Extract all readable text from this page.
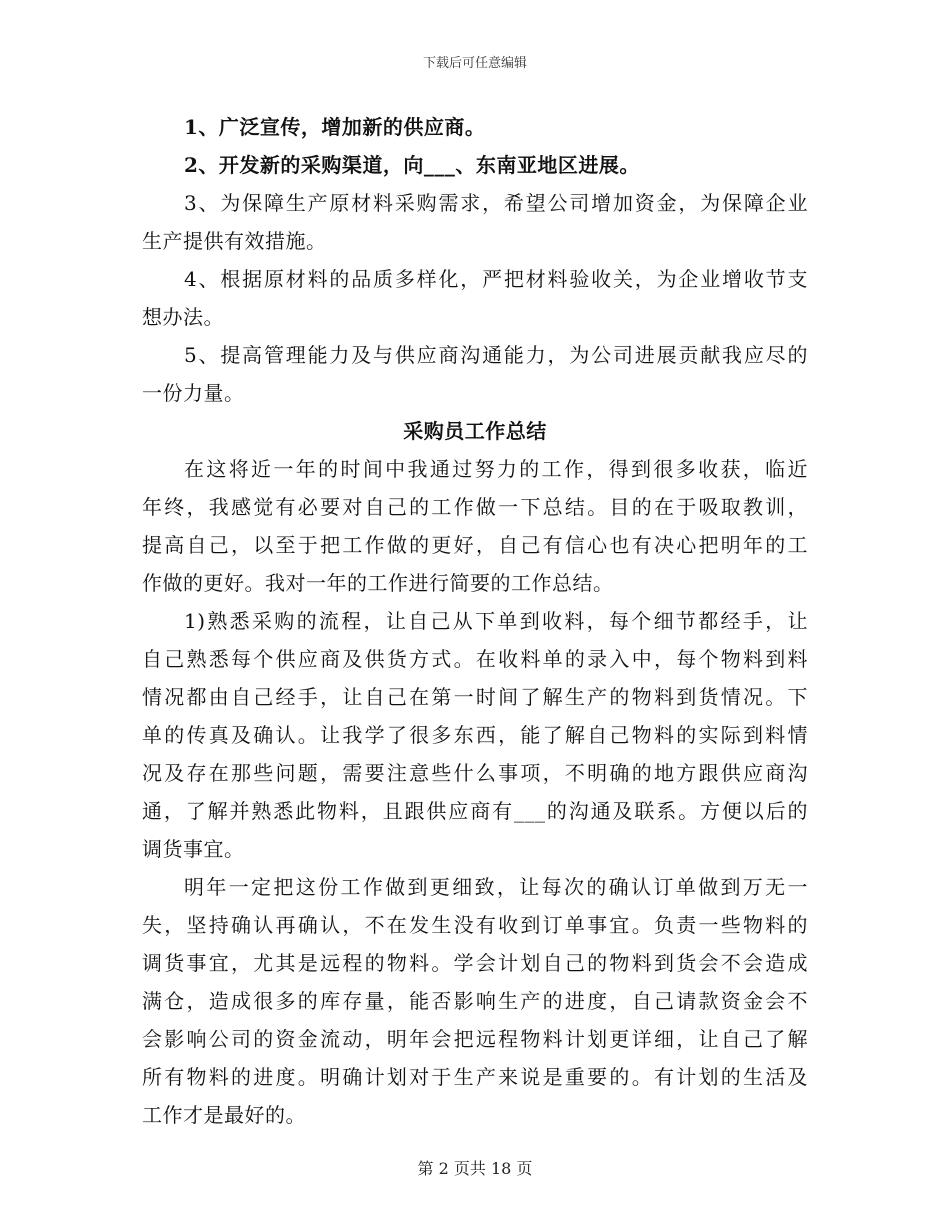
下载后可任意编辑
1、广泛宣传，增加新的供应商。
2、开发新的采购渠道，向___、东南亚地区进展。
3、为保障生产原材料采购需求，希望公司增加资金，为保障企业
生产提供有效措施。
4、根据原材料的品质多样化，严把材料验收关，为企业增收节支
想办法。
5、提高管理能力及与供应商沟通能力，为公司进展贡献我应尽的
一份力量。
采购员工作总结
在这将近一年的时间中我通过努力的工作，得到很多收获，临近
年终，我感觉有必要对自己的工作做一下总结。目的在于吸取教训，
提高自己，以至于把工作做的更好，自己有信心也有决心把明年的工
作做的更好。我对一年的工作进行简要的工作总结。
1)熟悉采购的流程，让自己从下单到收料，每个细节都经手，让
自己熟悉每个供应商及供货方式。在收料单的录入中，每个物料到料
情况都由自己经手，让自己在第一时间了解生产的物料到货情况。下
单的传真及确认。让我学了很多东西，能了解自己物料的实际到料情
况及存在那些问题，需要注意些什么事项，不明确的地方跟供应商沟
通，了解并熟悉此物料，且跟供应商有___的沟通及联系。方便以后的
调货事宜。
明年一定把这份工作做到更细致，让每次的确认订单做到万无一
失，坚持确认再确认，不在发生没有收到订单事宜。负责一些物料的
调货事宜，尤其是远程的物料。学会计划自己的物料到货会不会造成
满仓，造成很多的库存量，能否影响生产的进度，自己请款资金会不
会影响公司的资金流动，明年会把远程物料计划更详细，让自己了解
所有物料的进度。明确计划对于生产来说是重要的。有计划的生活及
工作才是最好的。
第 2 页共 18 页
